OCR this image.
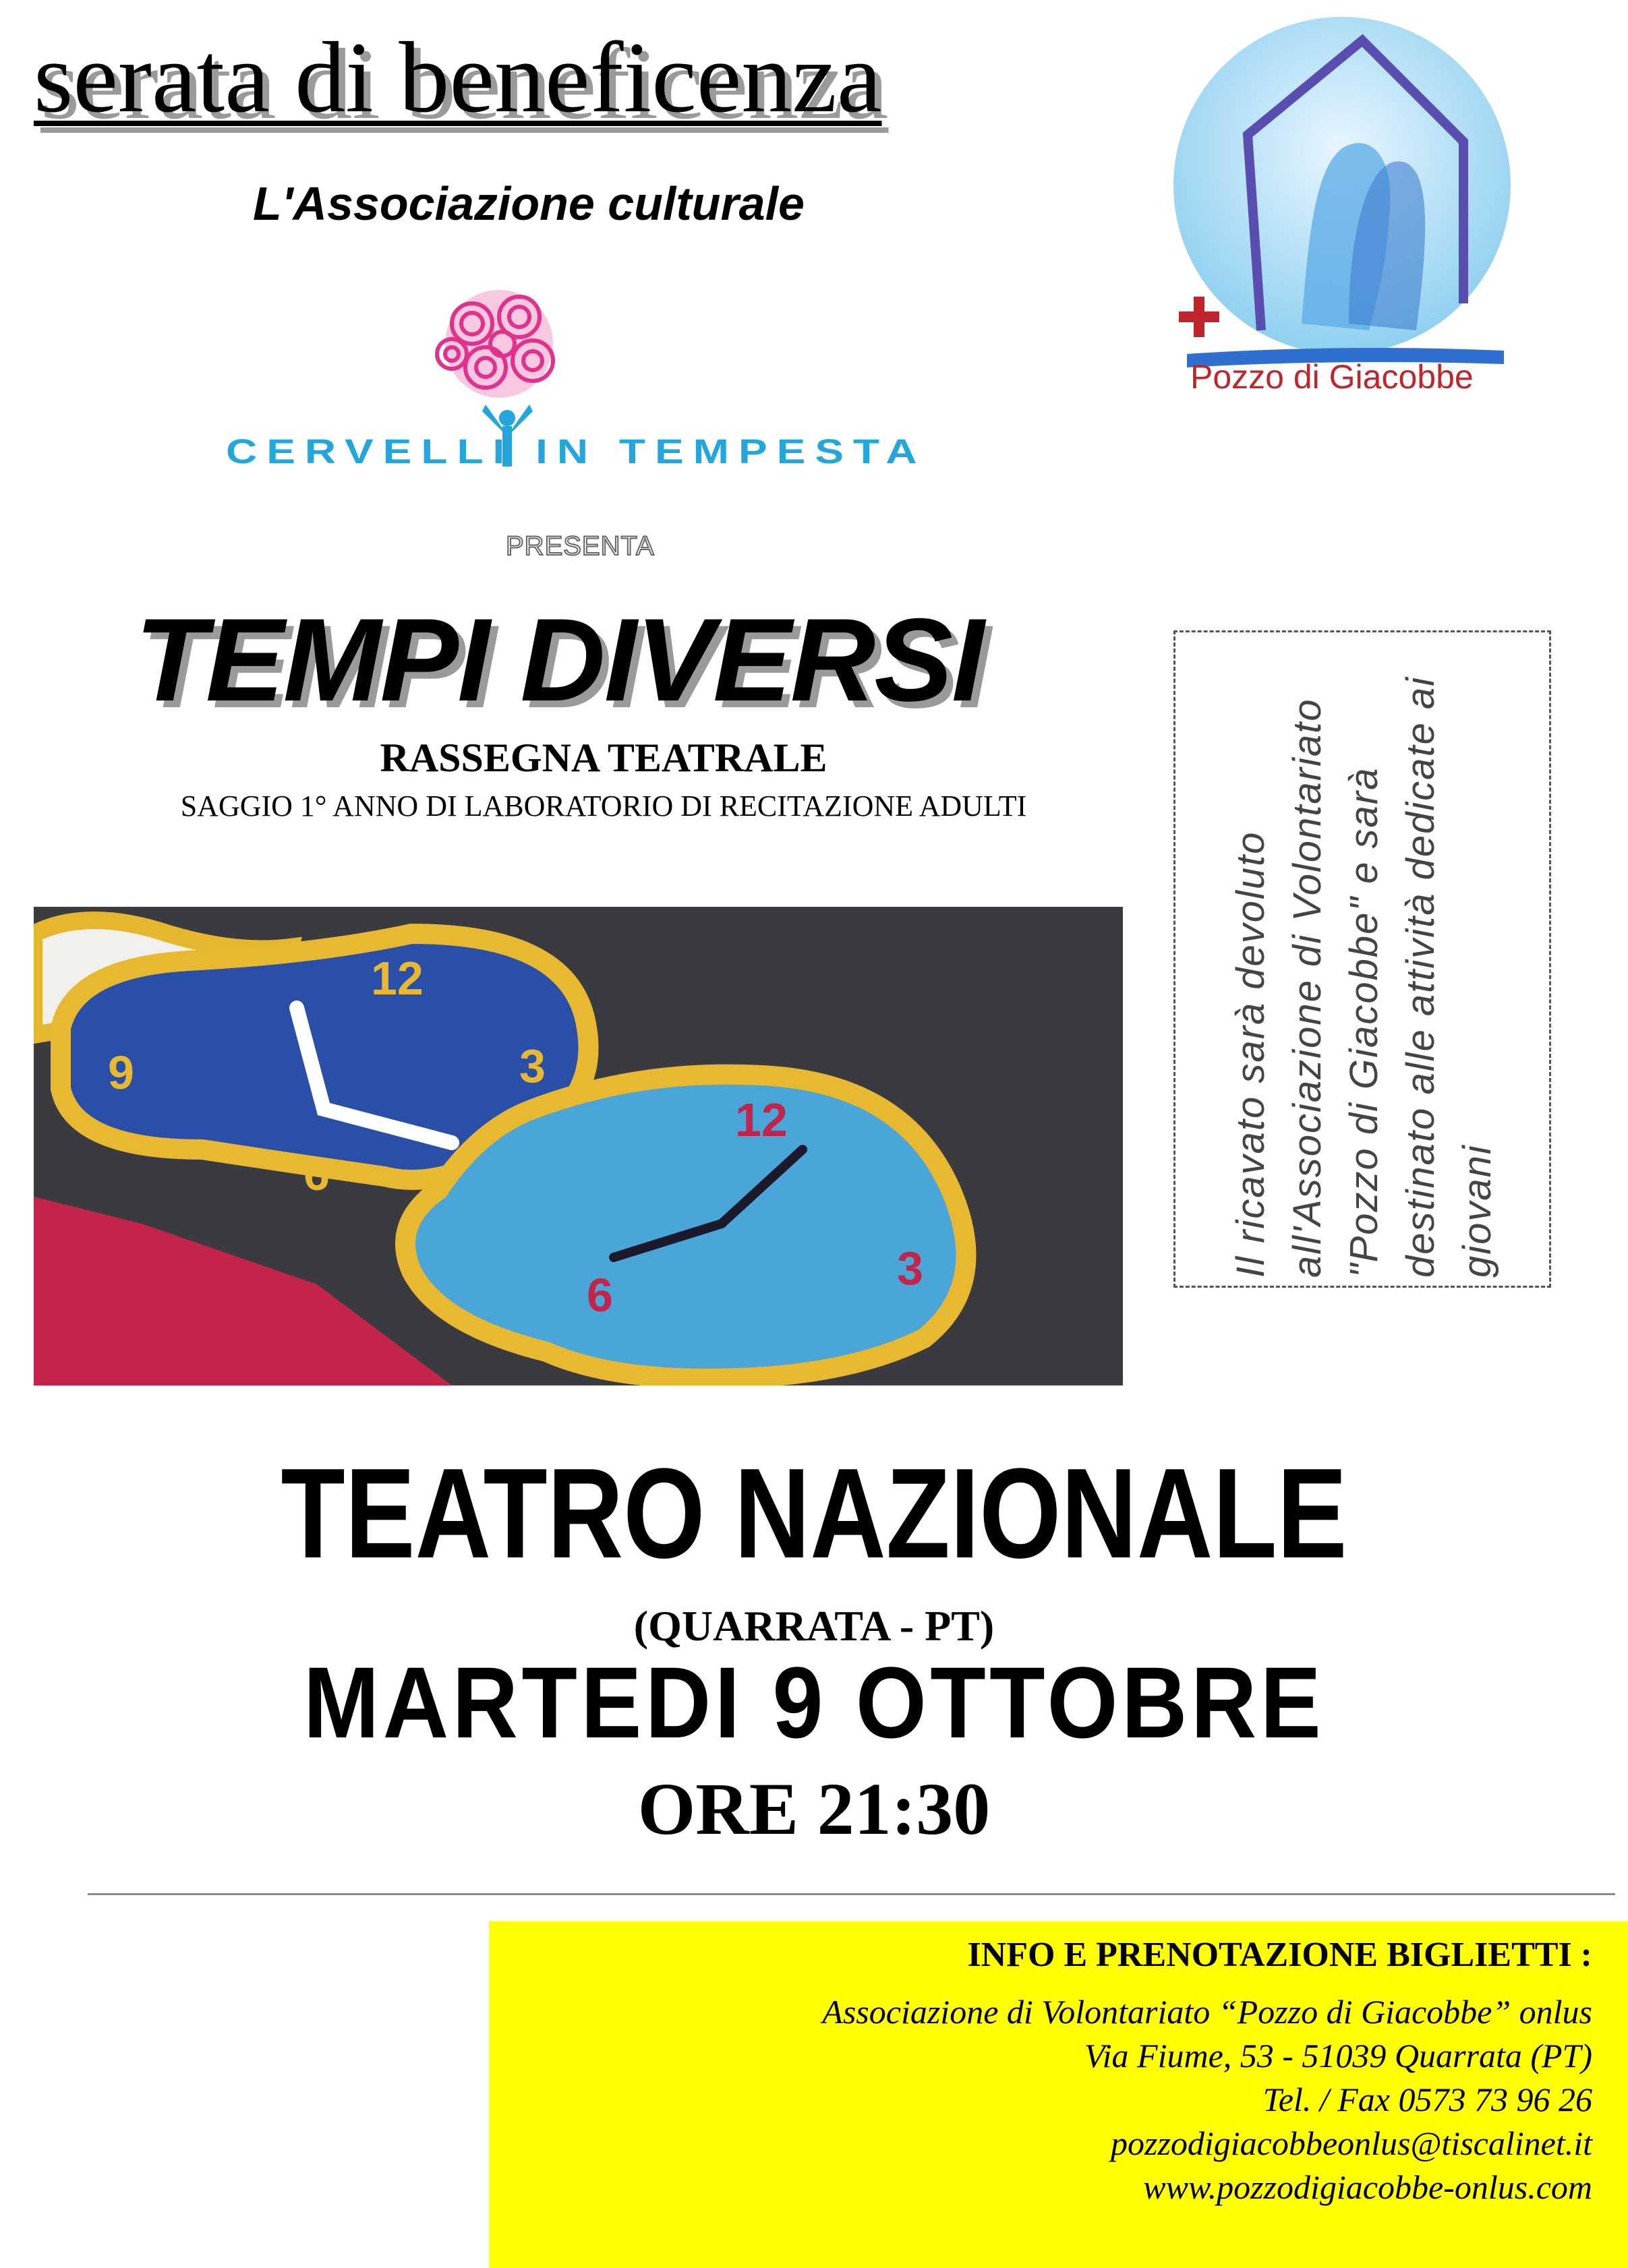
serata di beneficenza
L'Associazione culturale
CERVELLI IN TEMPESTA
Pozzo di Giacobbe
PRESENTA
TEMPI DIVERSI
RASSEGNA TEATRALE
SAGGIO 1° ANNO DI LABORATORIO DI RECITAZIONE ADULTI
12
3
9
6
12
3
6
Il ricavato sarà devoluto all'Associazione di Volontariato "Pozzo di Giacobbe" e sarà destinato alle attività dedicate ai giovani
TEATRO NAZIONALE
(QUARRATA - PT)
MARTEDI 9 OTTOBRE
ORE 21:30
INFO E PRENOTAZIONE BIGLIETTI :
Associazione di Volontariato “Pozzo di Giacobbe” onlus
Via Fiume, 53 - 51039 Quarrata (PT)
Tel. / Fax 0573 73 96 26
pozzodigiacobbeonlus@tiscalinet.it
www.pozzodigiacobbe-onlus.com
